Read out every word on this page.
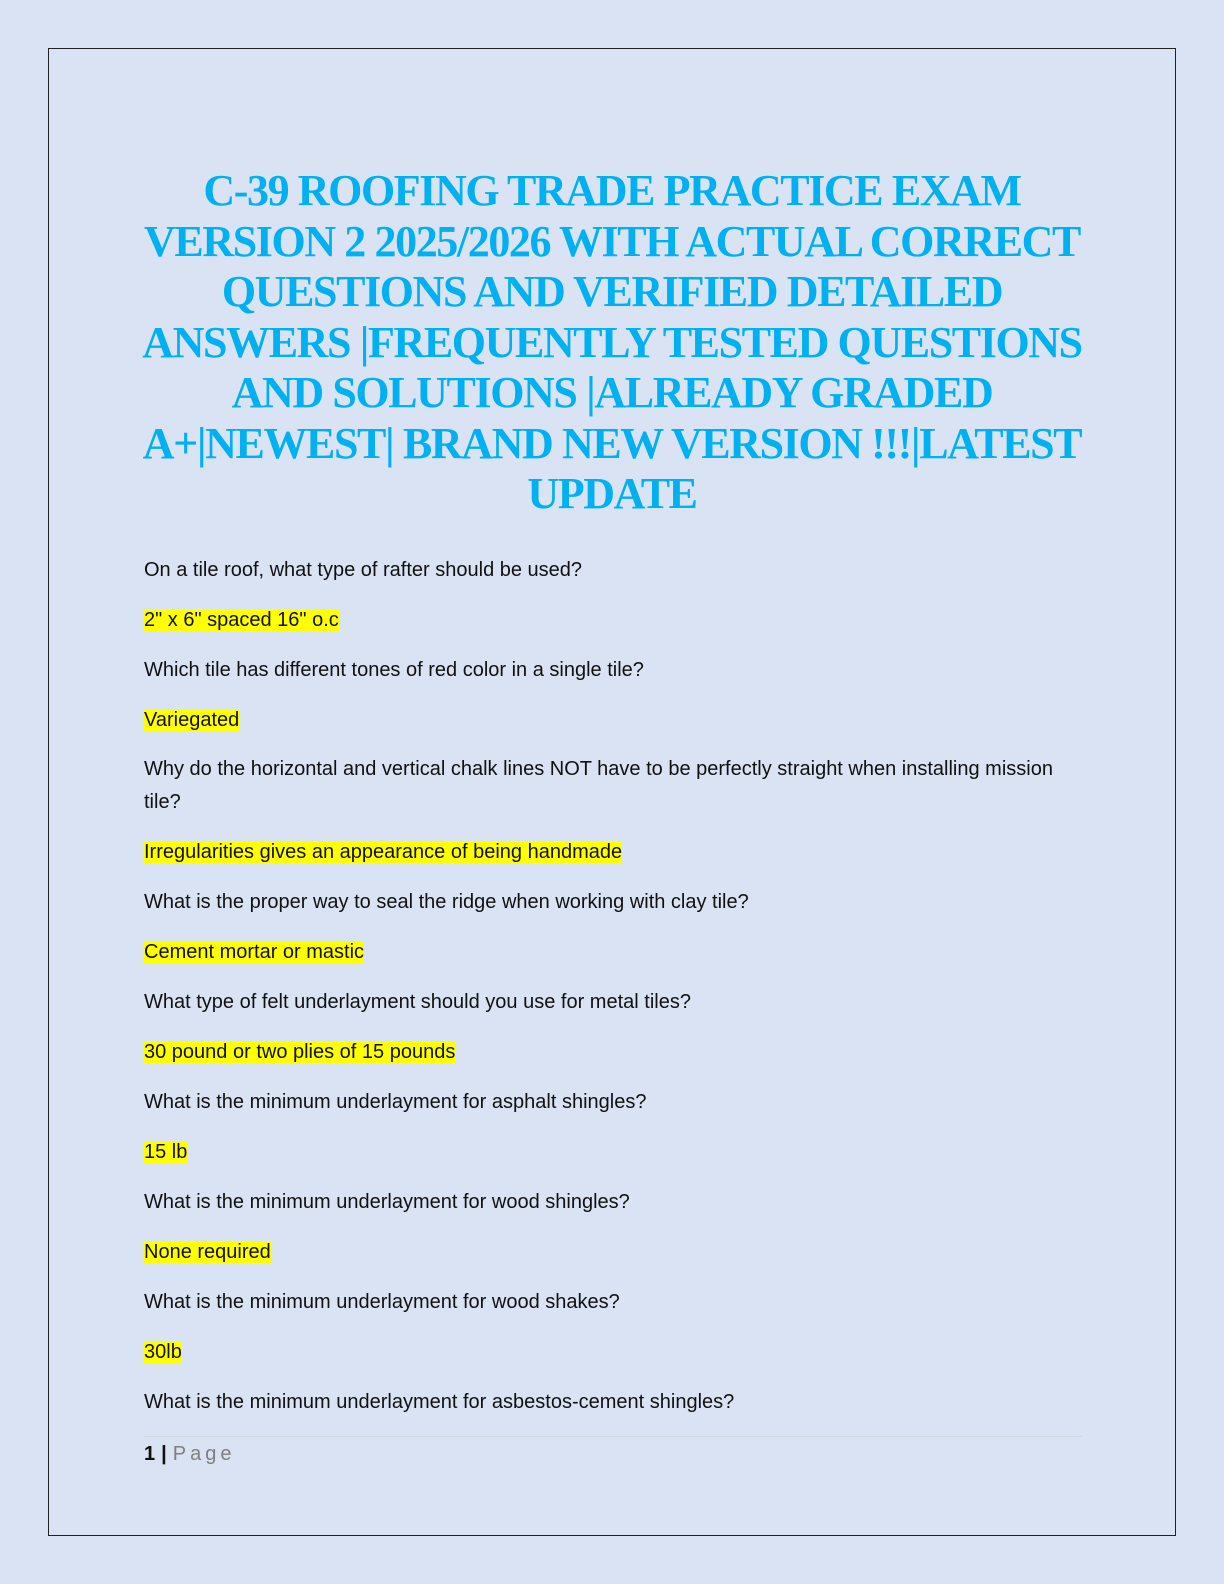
C-39 ROOFING TRADE PRACTICE EXAM VERSION 2 2025/2026 WITH ACTUAL CORRECT QUESTIONS AND VERIFIED DETAILED ANSWERS |FREQUENTLY TESTED QUESTIONS AND SOLUTIONS |ALREADY GRADED A+|NEWEST| BRAND NEW VERSION !!!|LATEST UPDATE

On a tile roof, what type of rafter should be used?

2" x 6" spaced 16" o.c

Which tile has different tones of red color in a single tile?

Variegated

Why do the horizontal and vertical chalk lines NOT have to be perfectly straight when installing mission tile?

Irregularities gives an appearance of being handmade

What is the proper way to seal the ridge when working with clay tile?

Cement mortar or mastic

What type of felt underlayment should you use for metal tiles?

30 pound or two plies of 15 pounds

What is the minimum underlayment for asphalt shingles?

15 lb

What is the minimum underlayment for wood shingles?

None required

What is the minimum underlayment for wood shakes?

30lb

What is the minimum underlayment for asbestos-cement shingles?

1 | Page
